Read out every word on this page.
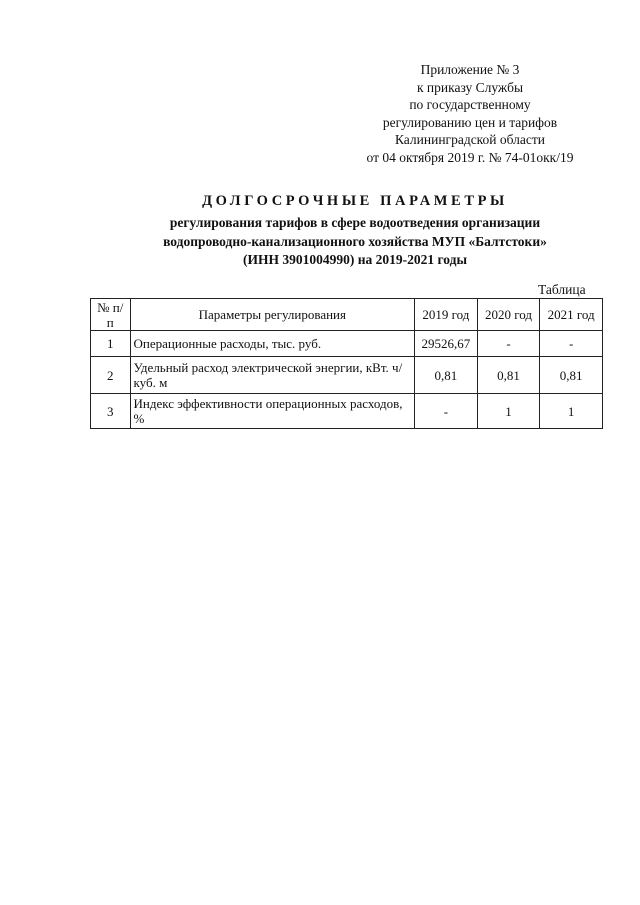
Приложение № 3
к приказу Службы
по государственному
регулированию цен и тарифов
Калининградской области
от 04 октября 2019 г. № 74-01окк/19
ДОЛГОСРОЧНЫЕ ПАРАМЕТРЫ
регулирования тарифов в сфере водоотведения организации
водопроводно-канализационного хозяйства МУП «Балтстоки»
(ИНН 3901004990) на 2019-2021 годы
Таблица
№ п/п	Параметры регулирования	2019 год	2020 год	2021 год
1	Операционные расходы, тыс. руб.	29526,67	-	-
2	Удельный расход электрической энергии, кВт. ч/ куб. м	0,81	0,81	0,81
3	Индекс эффективности операционных расходов, %	-	1	1
